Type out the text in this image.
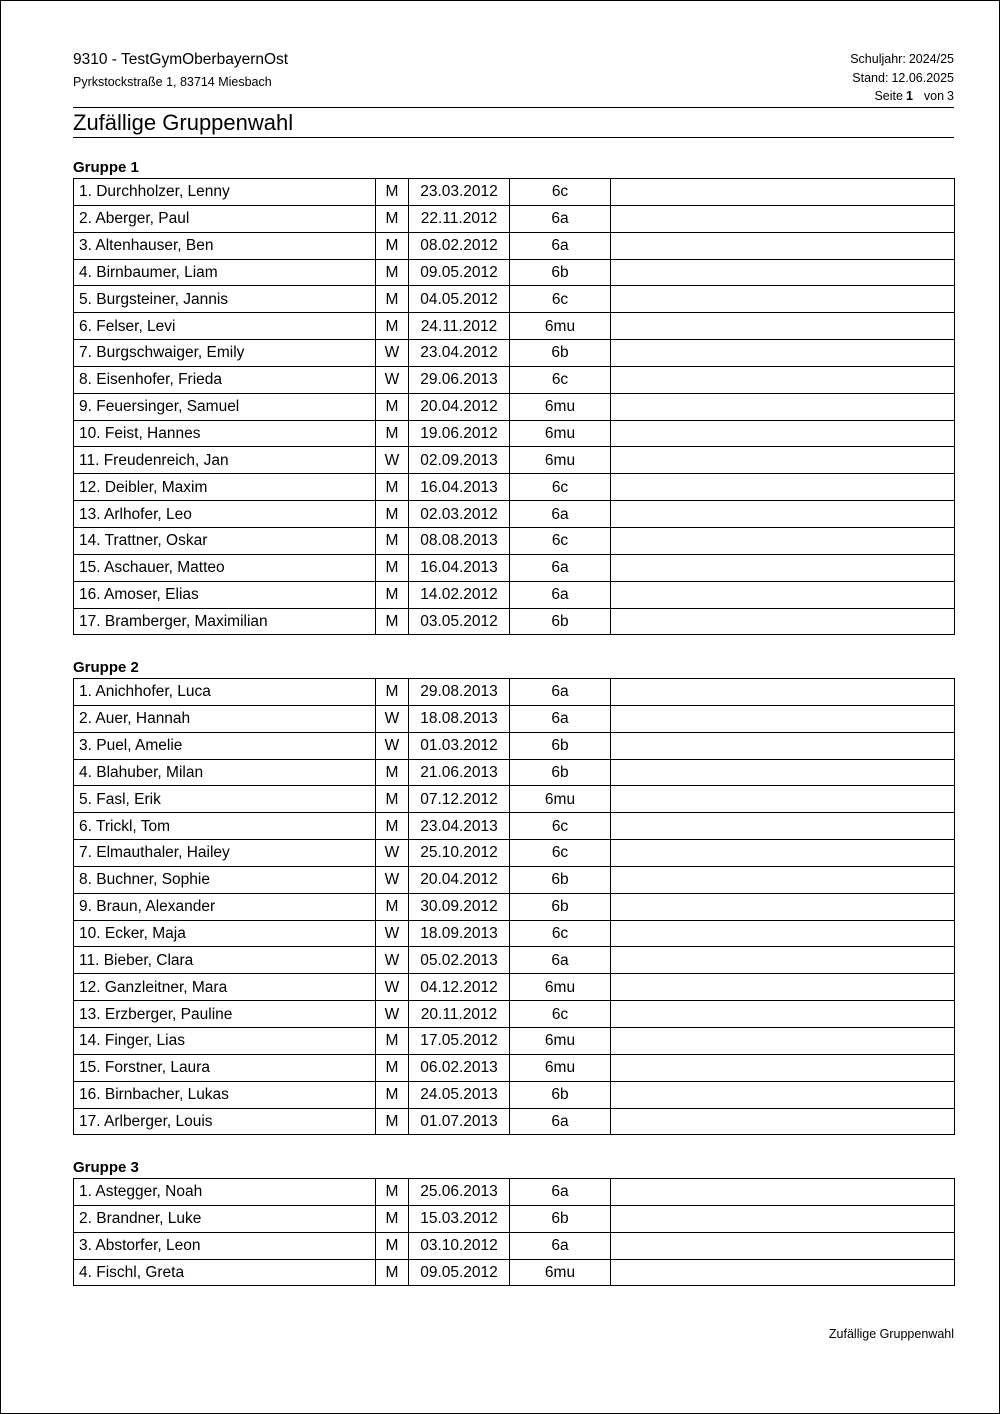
9310 - TestGymOberbayernOst
Pyrkstockstraße 1, 83714 Miesbach
Schuljahr: 2024/25
Stand: 12.06.2025
Seite 1 von 3
Zufällige Gruppenwahl
Gruppe 1
1. Durchholzer, Lenny	M	23.03.2012	6c	
2. Aberger, Paul	M	22.11.2012	6a	
3. Altenhauser, Ben	M	08.02.2012	6a	
4. Birnbaumer, Liam	M	09.05.2012	6b	
5. Burgsteiner, Jannis	M	04.05.2012	6c	
6. Felser, Levi	M	24.11.2012	6mu	
7. Burgschwaiger, Emily	W	23.04.2012	6b	
8. Eisenhofer, Frieda	W	29.06.2013	6c	
9. Feuersinger, Samuel	M	20.04.2012	6mu	
10. Feist, Hannes	M	19.06.2012	6mu	
11. Freudenreich, Jan	W	02.09.2013	6mu	
12. Deibler, Maxim	M	16.04.2013	6c	
13. Arlhofer, Leo	M	02.03.2012	6a	
14. Trattner, Oskar	M	08.08.2013	6c	
15. Aschauer, Matteo	M	16.04.2013	6a	
16. Amoser, Elias	M	14.02.2012	6a	
17. Bramberger, Maximilian	M	03.05.2012	6b	
Gruppe 2
1. Anichhofer, Luca	M	29.08.2013	6a	
2. Auer, Hannah	W	18.08.2013	6a	
3. Puel, Amelie	W	01.03.2012	6b	
4. Blahuber, Milan	M	21.06.2013	6b	
5. Fasl, Erik	M	07.12.2012	6mu	
6. Trickl, Tom	M	23.04.2013	6c	
7. Elmauthaler, Hailey	W	25.10.2012	6c	
8. Buchner, Sophie	W	20.04.2012	6b	
9. Braun, Alexander	M	30.09.2012	6b	
10. Ecker, Maja	W	18.09.2013	6c	
11. Bieber, Clara	W	05.02.2013	6a	
12. Ganzleitner, Mara	W	04.12.2012	6mu	
13. Erzberger, Pauline	W	20.11.2012	6c	
14. Finger, Lias	M	17.05.2012	6mu	
15. Forstner, Laura	M	06.02.2013	6mu	
16. Birnbacher, Lukas	M	24.05.2013	6b	
17. Arlberger, Louis	M	01.07.2013	6a	
Gruppe 3
1. Astegger, Noah	M	25.06.2013	6a	
2. Brandner, Luke	M	15.03.2012	6b	
3. Abstorfer, Leon	M	03.10.2012	6a	
4. Fischl, Greta	M	09.05.2012	6mu	
Zufällige Gruppenwahl
